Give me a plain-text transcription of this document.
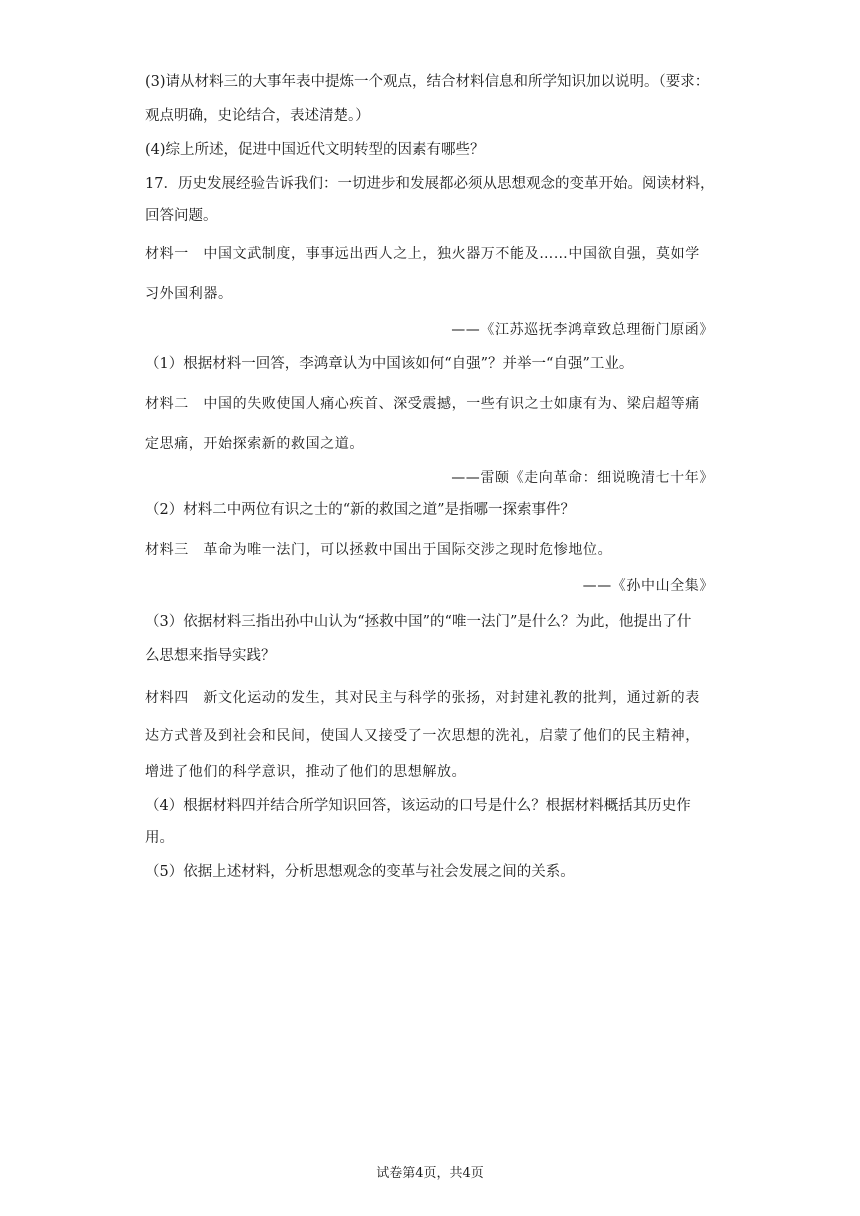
(3)请从材料三的大事年表中提炼一个观点，结合材料信息和所学知识加以说明。（要求：
观点明确，史论结合，表述清楚。）
(4)综上所述，促进中国近代文明转型的因素有哪些？
17．历史发展经验告诉我们：一切进步和发展都必须从思想观念的变革开始。阅读材料，
回答问题。
材料一　中国文武制度，事事远出西人之上，独火器万不能及……中国欲自强，莫如学
习外国利器。
——《江苏巡抚李鸿章致总理衙门原函》
（1）根据材料一回答，李鸿章认为中国该如何“自强”？并举一“自强”工业。
材料二　中国的失败使国人痛心疾首、深受震撼，一些有识之士如康有为、梁启超等痛
定思痛，开始探索新的救国之道。
——雷颐《走向革命：细说晚清七十年》
（2）材料二中两位有识之士的“新的救国之道”是指哪一探索事件？
材料三　革命为唯一法门，可以拯救中国出于国际交涉之现时危惨地位。
——《孙中山全集》
（3）依据材料三指出孙中山认为“拯救中国”的“唯一法门”是什么？为此，他提出了什
么思想来指导实践？
材料四　新文化运动的发生，其对民主与科学的张扬，对封建礼教的批判，通过新的表
达方式普及到社会和民间，使国人又接受了一次思想的洗礼，启蒙了他们的民主精神，
增进了他们的科学意识，推动了他们的思想解放。
（4）根据材料四并结合所学知识回答，该运动的口号是什么？根据材料概括其历史作
用。
（5）依据上述材料，分析思想观念的变革与社会发展之间的关系。
试卷第4页，共4页
